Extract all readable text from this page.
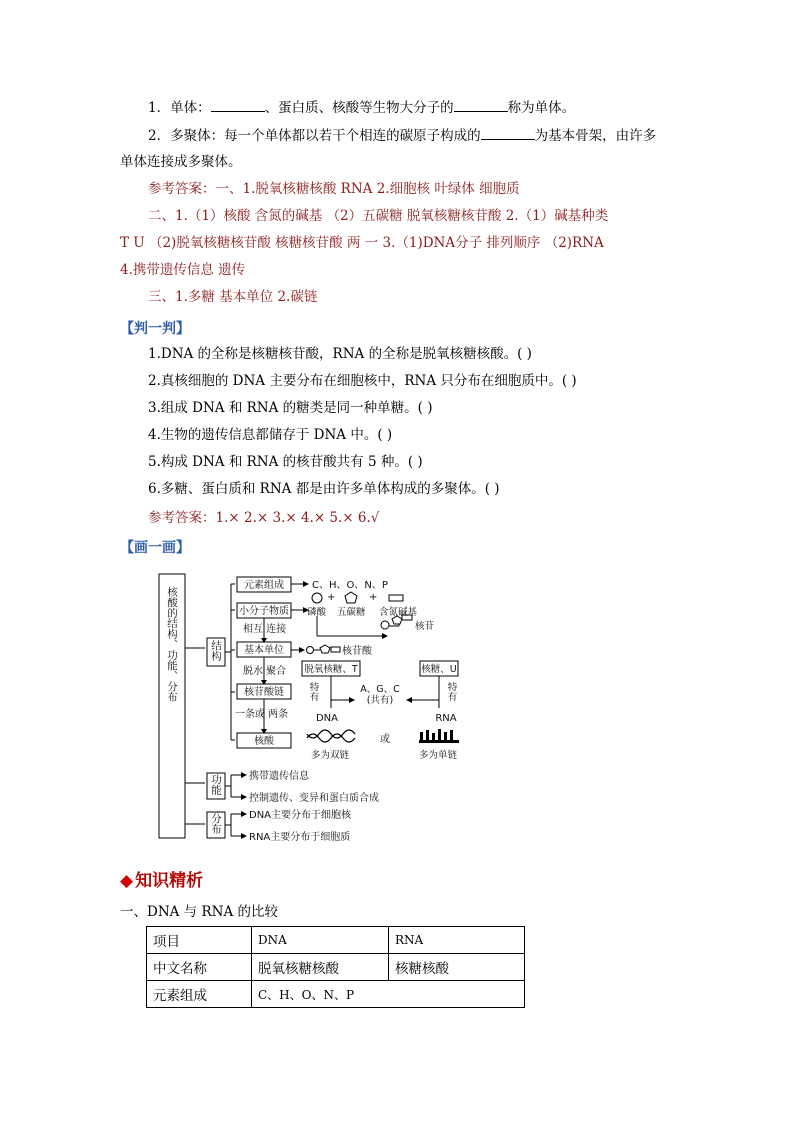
1．单体：	、蛋白质、核酸等生物大分子的	称为单体。
2．多聚体：每一个单体都以若干个相连的碳原子构成的	为基本骨架，由许多
单体连接成多聚体。
参考答案：一、1.脱氧核糖核酸 RNA 2.细胞核 叶绿体 细胞质
二、1.（1）核酸 含氮的碱基 （2）五碳糖 脱氧核糖核苷酸 2.（1）碱基种类
T U （2)脱氧核糖核苷酸 核糖核苷酸 两 一 3.（1)DNA分子 排列顺序 （2)RNA
4.携带遗传信息 遗传
三、1.多糖 基本单位 2.碳链
【判一判】
1.DNA 的全称是核糖核苷酸，RNA 的全称是脱氧核糖核酸。( )
2.真核细胞的 DNA 主要分布在细胞核中，RNA 只分布在细胞质中。( )
3.组成 DNA 和 RNA 的糖类是同一种单糖。( )
4.生物的遗传信息都储存于 DNA 中。( )
5.构成 DNA 和 RNA 的核苷酸共有 5 种。( )
6.多糖、蛋白质和 RNA 都是由许多单体构成的多聚体。( )
参考答案：1.× 2.× 3.× 4.× 5.× 6.√
【画一画】
核酸的结构、功能、分布	结构
功能
分布
元素组成	C、H、O、N、P
小分子物质
+	+
磷酸 五碳糖 含氮碱基
核苷
相互 连接
基本单位	核苷酸
脱氧核糖、T	核糖、U
特有	特有
脱水 聚合
A、G、C
(共有)
核苷酸链
DNA	RNA
一条或 两条
核酸	或
多为双链	多为单链
携带遗传信息
控制遗传、变异和蛋白质合成
DNA主要分布于细胞核
RNA主要分布于细胞质
◆ 知识精析
一、DNA 与 RNA 的比较
项目	DNA	RNA
中文名称	脱氧核糖核酸	核糖核酸
元素组成	C、H、O、N、P	
